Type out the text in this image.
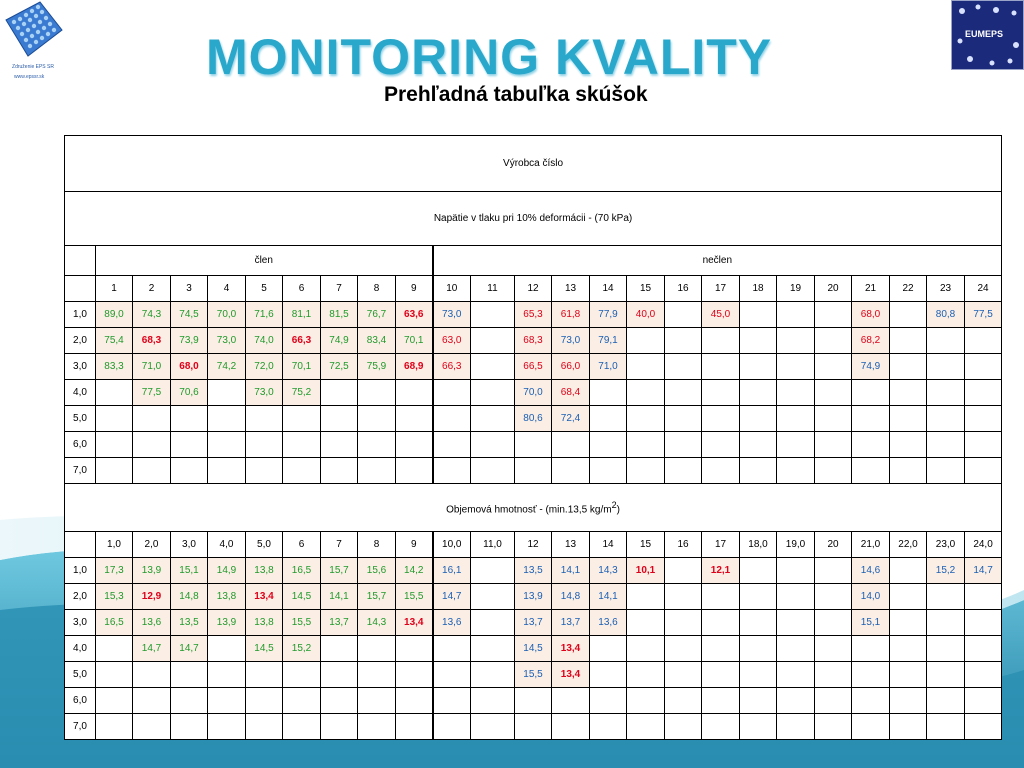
Združenie EPS SR
www.epssr.sk
EUMEPS
MONITORING KVALITY
Prehľadná tabuľka skúšok
Výrobca číslo																								
Napätie v tlaku pri 10% deformácii - (70 kPa)																								
	člen									nečlen														
	1	2	3	4	5	6	7	8	9	10	11	12	13	14	15	16	17	18	19	20	21	22	23	24
1,0	89,0	74,3	74,5	70,0	71,6	81,1	81,5	76,7	63,6	73,0		65,3	61,8	77,9	40,0		45,0				68,0		80,8	77,5
2,0	75,4	68,3	73,9	73,0	74,0	66,3	74,9	83,4	70,1	63,0		68,3	73,0	79,1							68,2			
3,0	83,3	71,0	68,0	74,2	72,0	70,1	72,5	75,9	68,9	66,3		66,5	66,0	71,0							74,9			
4,0		77,5	70,6		73,0	75,2						70,0	68,4											
5,0												80,6	72,4											
6,0																								
7,0																								
Objemová hmotnosť - (min.13,5 $kg/m^2$)																								
	1,0	2,0	3,0	4,0	5,0	6	7	8	9	10,0	11,0	12	13	14	15	16	17	18,0	19,0	20	21,0	22,0	23,0	24,0
1,0	17,3	13,9	15,1	14,9	13,8	16,5	15,7	15,6	14,2	16,1		13,5	14,1	14,3	10,1		12,1				14,6		15,2	14,7
2,0	15,3	12,9	14,8	13,8	13,4	14,5	14,1	15,7	15,5	14,7		13,9	14,8	14,1							14,0			
3,0	16,5	13,6	13,5	13,9	13,8	15,5	13,7	14,3	13,4	13,6		13,7	13,7	13,6							15,1			
4,0		14,7	14,7		14,5	15,2						14,5	13,4											
5,0												15,5	13,4											
6,0																								
7,0																								
